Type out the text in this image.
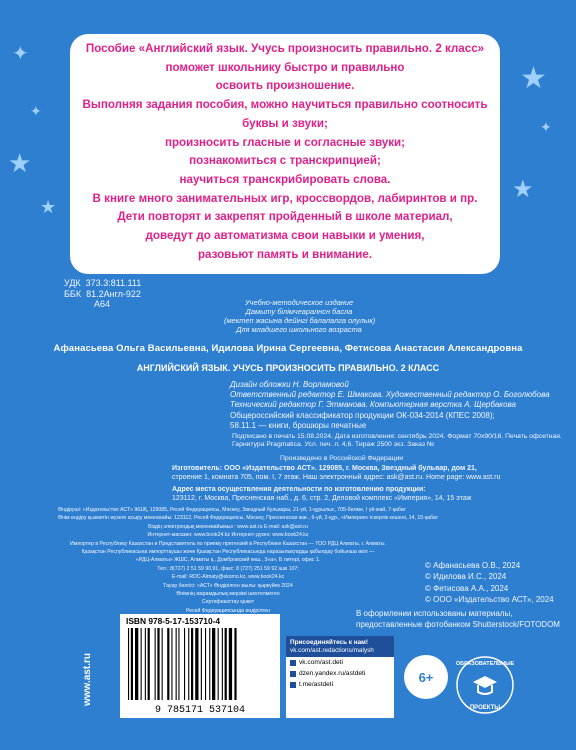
✦
✦
★
★
★
✦
★
Пособие «Английский язык. Учусь произносить правильно. 2 класс»
поможет школьнику быстро и правильно
освоить произношение.
Выполняя задания пособия, можно научиться правильно соотносить
буквы и звуки;
произносить гласные и согласные звуки;
познакомиться с транскрипцией;
научиться транскрибировать слова.
В книге много занимательных игр, кроссвордов, лабиринтов и пр.
Дети повторят и закрепят пройденный в школе материал,
доведут до автоматизма свои навыки и умения,
разовьют память и внимание.
УДК 373.3:811.111
ББК 81.2Англ-922
А64	Учебно-методическое издание
Дамыту бiлiмчеаралнсн басла
(мектеп жасына дейiнгi балалалга олулык)
Для младшего школьного возраста
Афанасьева Ольга Васильевна, Идилова Ирина Сергеевна, Фетисова Анастасия Александровна
АНГЛИЙСКИЙ ЯЗЫК. УЧУСЬ ПРОИЗНОСИТЬ ПРАВИЛЬНО. 2 КЛАСС
Дизайн обложки Н. Ворламовой
Ответственный редактор Е. Шмакова. Художественный редактор О. Боголюбова
Технический редактор Г. Этманова. Компьютерная верстка А. Щербакова
Общероссийский классификатор продукции ОК-034-2014 (КПЕС 2008);
58.11.1 — книги, брошюры печатные
Подписано в печать 15.08.2024. Дата изготовления: сентябрь 2024. Формат 70х90/16. Печать офсетная.
Гарнитура Pragmatica. Усл. печ. л. 4,6. Тираж 2500 экз. Заказ №
Произведено в Российской Федерации
Изготовитель: ООО «Издательство АСТ». 129085, г. Москва, Звездный бульвар, дом 21,
строение 1, комната 705, пом. I, 7 этаж. Наш электронный адрес: ask@ast.ru. Home page: www.ast.ru
Адрес места осуществления деятельности по изготовлению продукции:
123112, г. Москва, Пресненская наб., д. 6, стр. 2, Деловой комплекс «Империя», 14, 15 этаж
Өндіруші: «Издательство АСТ» ЖШҚ, 129085, Ресей Федерациясы, Мәскеу, Звездный бульвары, 21-үй, 1-құрылыс, 705-бөлме, I үй-жай, 7-қабат
Өнім өндіру қызметін жүзеге асыру мекенжайы: 123112, Ресей Федерациясы, Мәскеу, Пресненская жағ., 6-үй, 2-құр., «Империя» іскерлік кешені, 14, 15-қабат
Біздің электрондық мекенжайымыз : www.ast.ru E-mail: ask@ast.ru
Интернет-магазин: www.book24.kz Интернет-дүкен: www.book24.kz
Импортер в Республику Казахстан и Представитель по приему претензий в Республике Казахстан — ТОО РДЦ Алматы, г. Алматы.
Қазақстан Республикасына импорттаушы және Қазақстан Республикасында наразылықтарды қабылдау бойынша өкіл —
«РДЦ-Алматы» ЖШС, Алматы қ., Домбровский көш., 3«а», Б литері, офис 1.
Тел.: 8(727) 2 51 59 90,91, факс: 8 (727) 251 59 92 ішкі 107;
E-mail: RDC-Almaty@eksmo.kz, www.book24.kz
Тауар белгісі: «АСТ» Өндірілген жылы: қыркүйек 2024
Өнімнің жарамдылық мерзімі шектелмеген
Сертификаттау қажет
Ресей Федерациясында өндірілген
© Афанасьева О.В., 2024
© Идилова И.С., 2024
© Фетисова А.А., 2024
© ООО «Издательство АСТ», 2024
В оформлении использованы материалы,
предоставленные фотобанком Shutterstock/FOTODOM
www.ast.ru
ISBN 978-5-17-153710-4
9 785171 537104
Присоединяйтесь к нам!
vk.com/ast.redactions/malysh
vk.com/ast.deti
dzen.yandex.ru/astdeti
t.me/astdeti
6+
ОБРАЗОВАТЕЛЬНЫЕ
ПРОЕКТЫ
